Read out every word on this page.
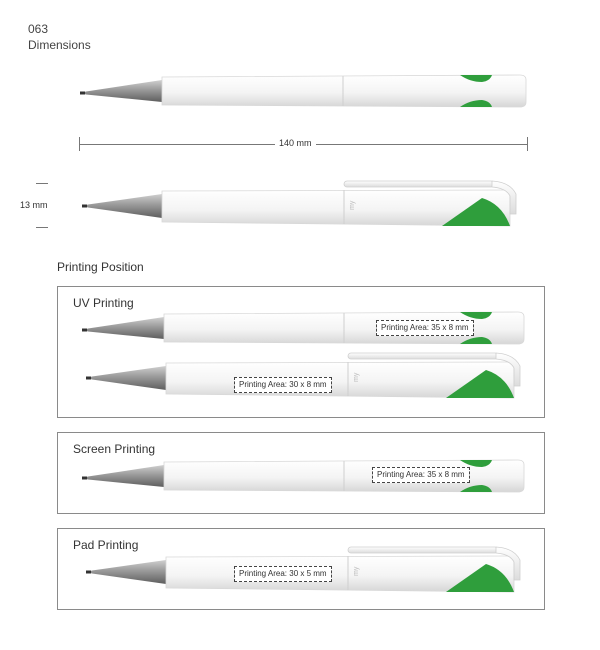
063
Dimensions
140 mm
13 mm	my
Printing Position
UV Printing
Printing Area: 35 x 8 mm
my
Printing Area: 30 x 8 mm
Screen Printing
Printing Area: 35 x 8 mm
Pad Printing
my
Printing Area: 30 x 5 mm
